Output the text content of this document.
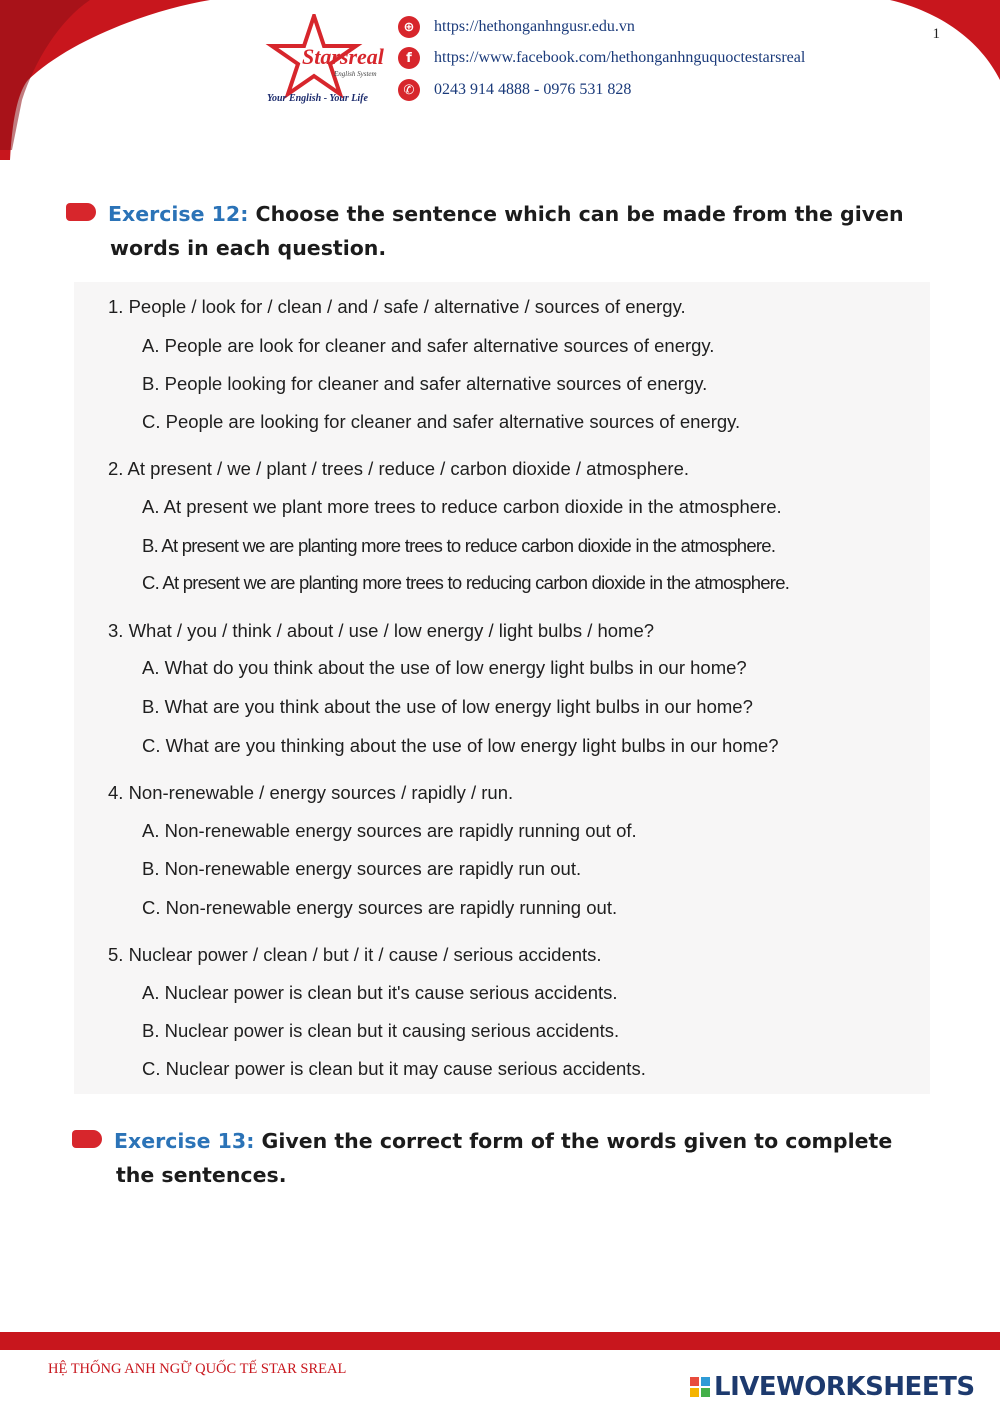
Starsreal
English System
Your English - Your Life
⊕	https://hethonganhngusr.edu.vn
f	https://www.facebook.com/hethonganhnguquoctestarsreal
✆	0243 914 4888 - 0976 531 828
1
Exercise 12: Choose the sentence which can be made from the given
words in each question.
1. People / look for / clean / and / safe / alternative / sources of energy.
A. People are look for cleaner and safer alternative sources of energy.
B. People looking for cleaner and safer alternative sources of energy.
C. People are looking for cleaner and safer alternative sources of energy.
2. At present / we / plant / trees / reduce / carbon dioxide / atmosphere.
A. At present we plant more trees to reduce carbon dioxide in the atmosphere.
B. At present we are planting more trees to reduce carbon dioxide in the atmosphere.
C. At present we are planting more trees to reducing carbon dioxide in the atmosphere.
3. What / you / think / about / use / low energy / light bulbs / home?
A. What do you think about the use of low energy light bulbs in our home?
B. What are you think about the use of low energy light bulbs in our home?
C. What are you thinking about the use of low energy light bulbs in our home?
4. Non-renewable / energy sources / rapidly / run.
A. Non-renewable energy sources are rapidly running out of.
B. Non-renewable energy sources are rapidly run out.
C. Non-renewable energy sources are rapidly running out.
5. Nuclear power / clean / but / it / cause / serious accidents.
A. Nuclear power is clean but it's cause serious accidents.
B. Nuclear power is clean but it causing serious accidents.
C. Nuclear power is clean but it may cause serious accidents.
Exercise 13: Given the correct form of the words given to complete
the sentences.
HỆ THỐNG ANH NGỮ QUỐC TẾ STAR SREAL
LIVEWORKSHEETS
